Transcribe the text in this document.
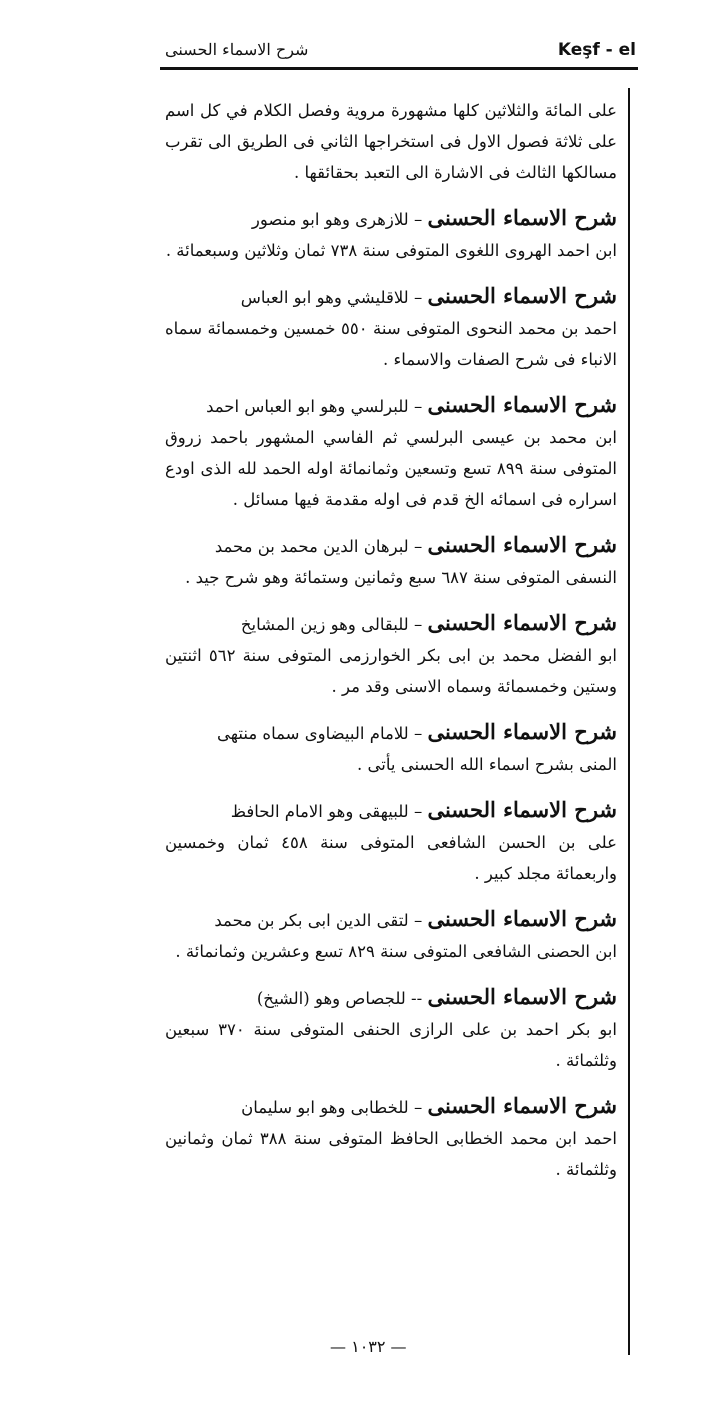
شرح الاسماء الحسنى	Keşf - el

على المائة والثلاثين كلها مشهورة مروية وفصل الكلام في كل اسم على ثلاثة فصول الاول فى استخراجها الثاني فى الطريق الى تقرب مسالكها الثالث فى الاشارة الى التعبد بحقائقها .

شرح الاسماء الحسنى – للازهرى وهو ابو منصور

ابن احمد الهروى اللغوى المتوفى سنة ٧٣٨ ثمان وثلاثين وسبعمائة .

شرح الاسماء الحسنى – للاقليشي وهو ابو العباس

احمد بن محمد النحوى المتوفى سنة ٥٥٠ خمسين وخمسمائة سماه الانباء فى شرح الصفات والاسماء .

شرح الاسماء الحسنى – للبرلسي وهو ابو العباس احمد

ابن محمد بن عيسى البرلسي ثم الفاسي المشهور باحمد زروق المتوفى سنة ٨٩٩ تسع وتسعين وثمانمائة اوله الحمد لله الذى اودع اسراره فى اسمائه الخ قدم فى اوله مقدمة فيها مسائل .

شرح الاسماء الحسنى – لبرهان الدين محمد بن محمد

النسفى المتوفى سنة ٦٨٧ سبع وثمانين وستمائة وهو شرح جيد .

شرح الاسماء الحسنى – للبقالى وهو زين المشايخ

ابو الفضل محمد بن ابى بكر الخوارزمى المتوفى سنة ٥٦٢ اثنتين وستين وخمسمائة وسماه الاسنى وقد مر .

شرح الاسماء الحسنى – للامام البيضاوى سماه منتهى

المنى بشرح اسماء الله الحسنى يأتى .

شرح الاسماء الحسنى – للبيهقى وهو الامام الحافظ

على بن الحسن الشافعى المتوفى سنة ٤٥٨ ثمان وخمسين واربعمائة مجلد كبير .

شرح الاسماء الحسنى – لتقى الدين ابى بكر بن محمد

ابن الحصنى الشافعى المتوفى سنة ٨٢٩ تسع وعشرين وثمانمائة .

شرح الاسماء الحسنى -- للجصاص وهو (الشيخ)

ابو بكر احمد بن على الرازى الحنفى المتوفى سنة ٣٧٠ سبعين وثلثمائة .

شرح الاسماء الحسنى – للخطابى وهو ابو سليمان

احمد ابن محمد الخطابى الحافظ المتوفى سنة ٣٨٨ ثمان وثمانين وثلثمائة .

— ١٠٣٢ —
